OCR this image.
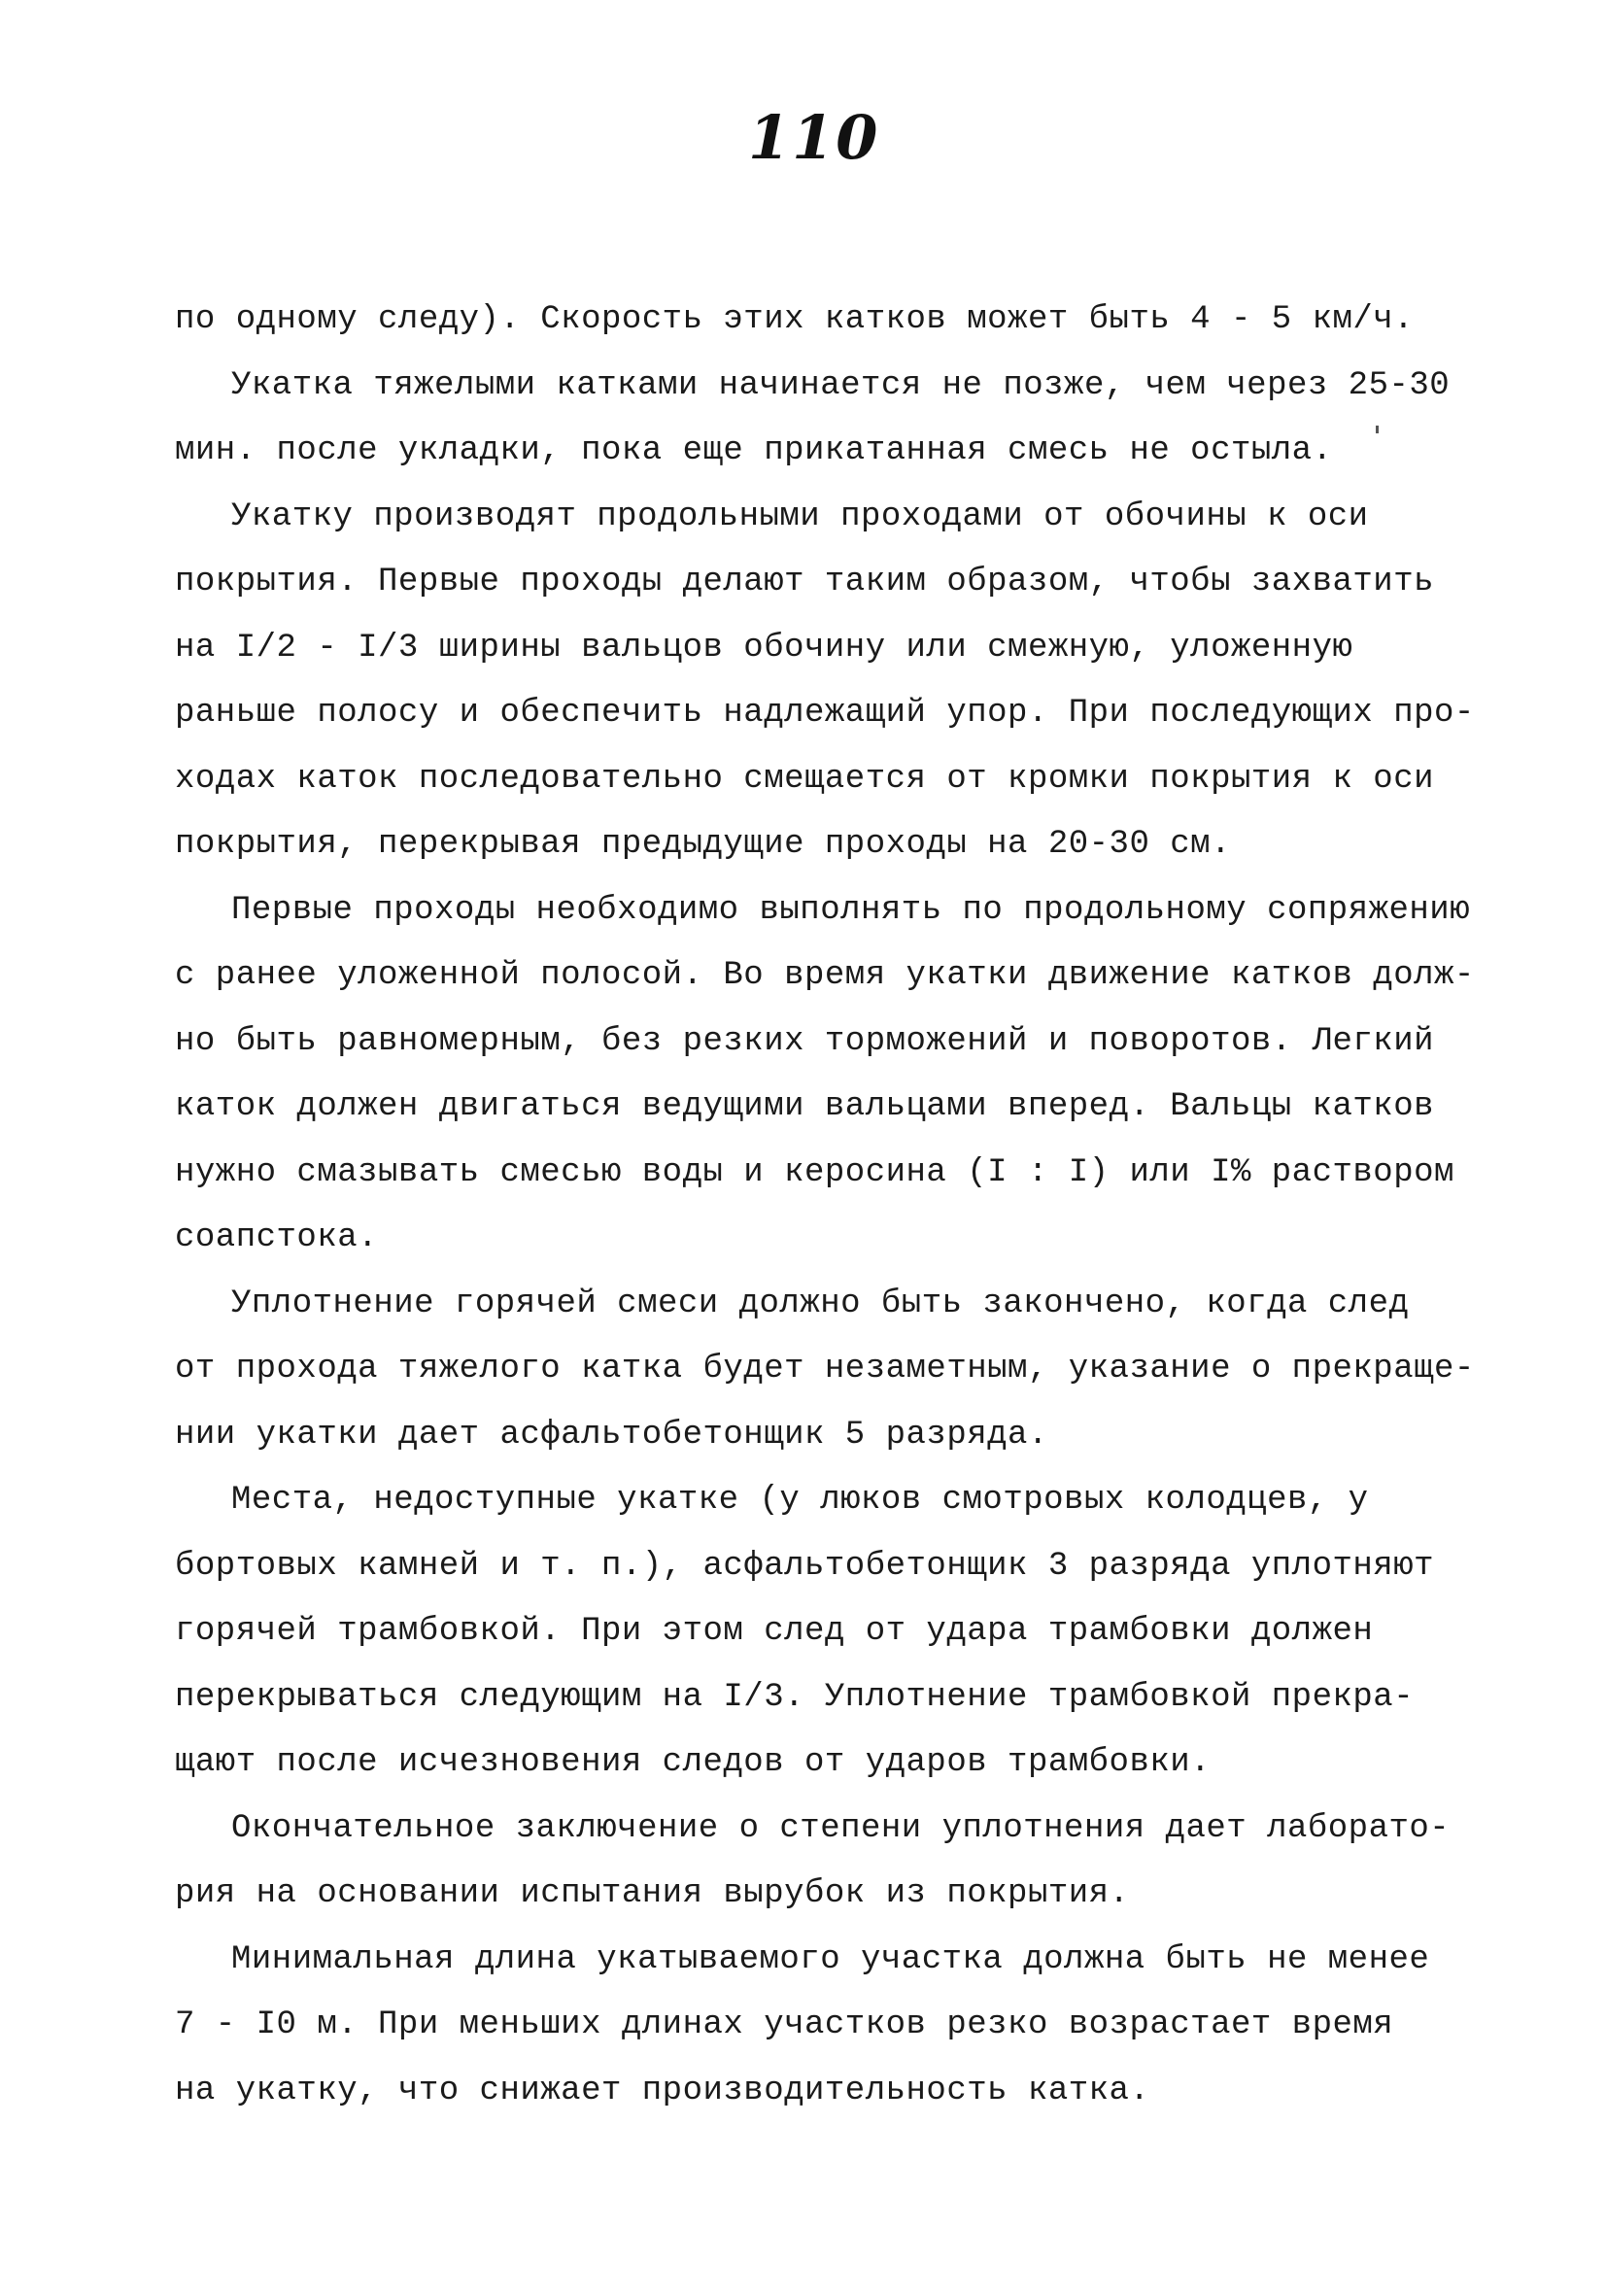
110
по одному следу). Скорость этих катков может быть 4 - 5 км/ч.
Укатка тяжелыми катками начинается не позже, чем через 25-30
мин. после укладки, пока еще прикатанная смесь не остыла.
Укатку производят продольными проходами от обочины к оси
покрытия. Первые проходы делают таким образом, чтобы захватить
на I/2 - I/3 ширины вальцов обочину или смежную, уложенную
раньше полосу и обеспечить надлежащий упор. При последующих про-
ходах каток последовательно смещается от кромки покрытия к оси
покрытия, перекрывая предыдущие проходы на 20-30 см.
Первые проходы необходимо выполнять по продольному сопряжению
с ранее уложенной полосой. Во время укатки движение катков долж-
но быть равномерным, без резких торможений и поворотов. Легкий
каток должен двигаться ведущими вальцами вперед. Вальцы катков
нужно смазывать смесью воды и керосина (I : I) или I% раствором
соапстока.
Уплотнение горячей смеси должно быть закончено, когда след
от прохода тяжелого катка будет незаметным, указание о прекраще-
нии укатки дает асфальтобетонщик 5 разряда.
Места, недоступные укатке (у люков смотровых колодцев, у
бортовых камней и т. п.), асфальтобетонщик 3 разряда уплотняют
горячей трамбовкой. При этом след от удара трамбовки должен
перекрываться следующим на I/3. Уплотнение трамбовкой прекра-
щают после исчезновения следов от ударов трамбовки.
Окончательное заключение о степени уплотнения дает лаборато-
рия на основании испытания вырубок из покрытия.
Минимальная длина укатываемого участка должна быть не менее
7 - I0 м. При меньших длинах участков резко возрастает время
на укатку, что снижает производительность катка.
